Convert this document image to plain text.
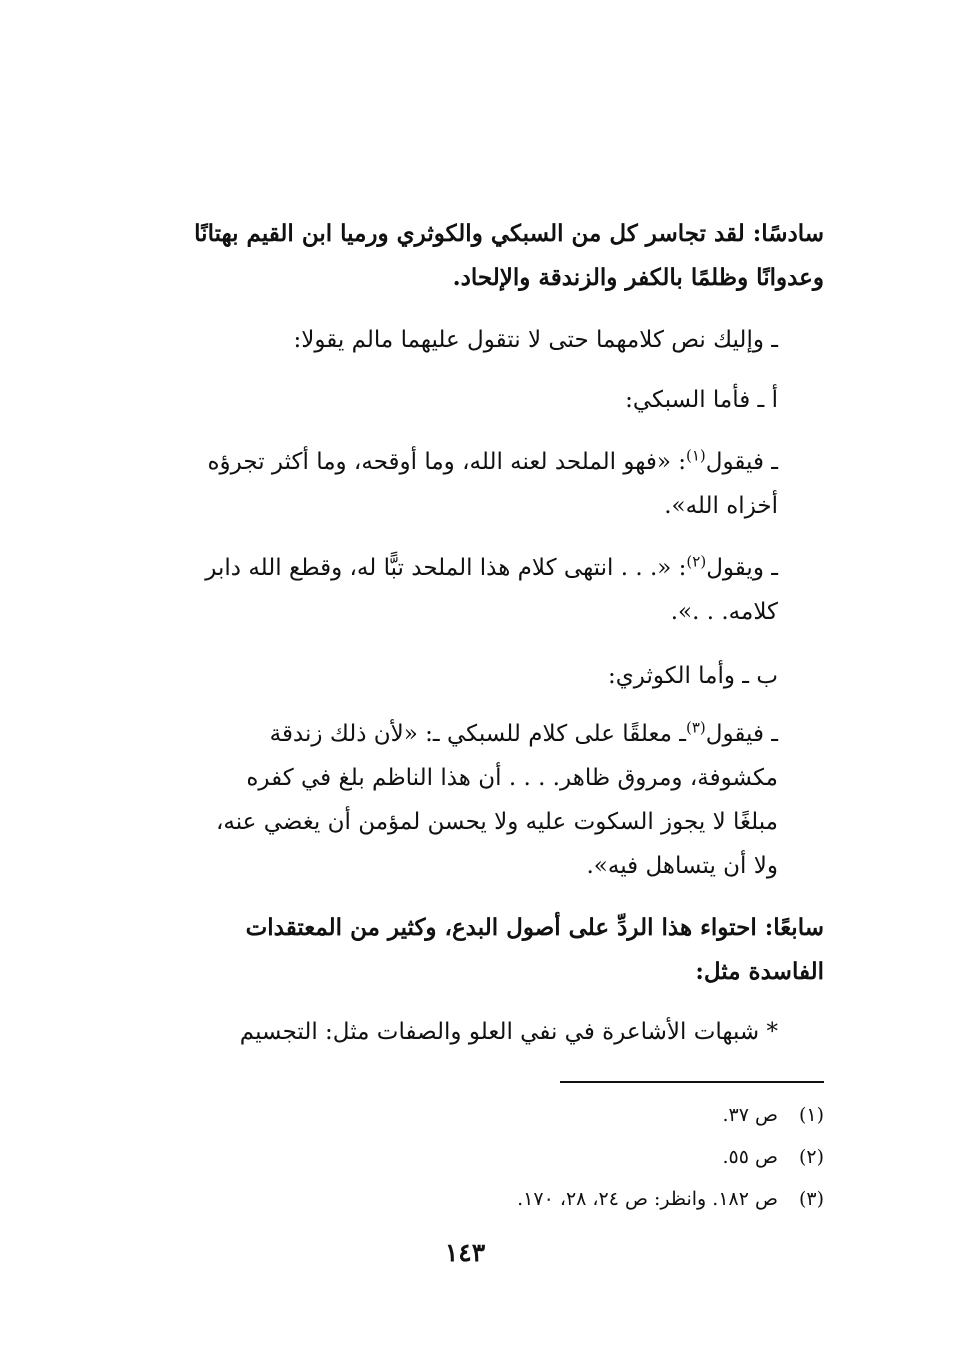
سادسًا: لقد تجاسر كل من السبكي والكوثري ورميا ابن القيم بهتانًا
وعدوانًا وظلمًا بالكفر والزندقة والإلحاد.
ـ وإليك نص كلامهما حتى لا نتقول عليهما مالم يقولا:
أ ـ فأما السبكي:
ـ فيقول$^{(١)}$: «فهو الملحد لعنه الله، وما أوقحه، وما أكثر تجرؤه
أخزاه الله».
ـ ويقول$^{(٢)}$: «. . . انتهى كلام هذا الملحد تبًّا له، وقطع الله دابر
كلامه. . .».
ب ـ وأما الكوثري:
ـ فيقول$^{(٣)}$ـ معلقًا على كلام للسبكي ـ: «لأن ذلك زندقة
مكشوفة، ومروق ظاهر. . . . أن هذا الناظم بلغ في كفره
مبلغًا لا يجوز السكوت عليه ولا يحسن لمؤمن أن يغضي عنه،
ولا أن يتساهل فيه».
سابعًا: احتواء هذا الردِّ على أصول البدع، وكثير من المعتقدات
الفاسدة مثل:
* شبهات الأشاعرة في نفي العلو والصفات مثل: التجسيم
(١) ص ٣٧.
(٢) ص ٥٥.
(٣) ص ١٨٢. وانظر: ص ٢٤، ٢٨، ١٧٠.
١٤٣
